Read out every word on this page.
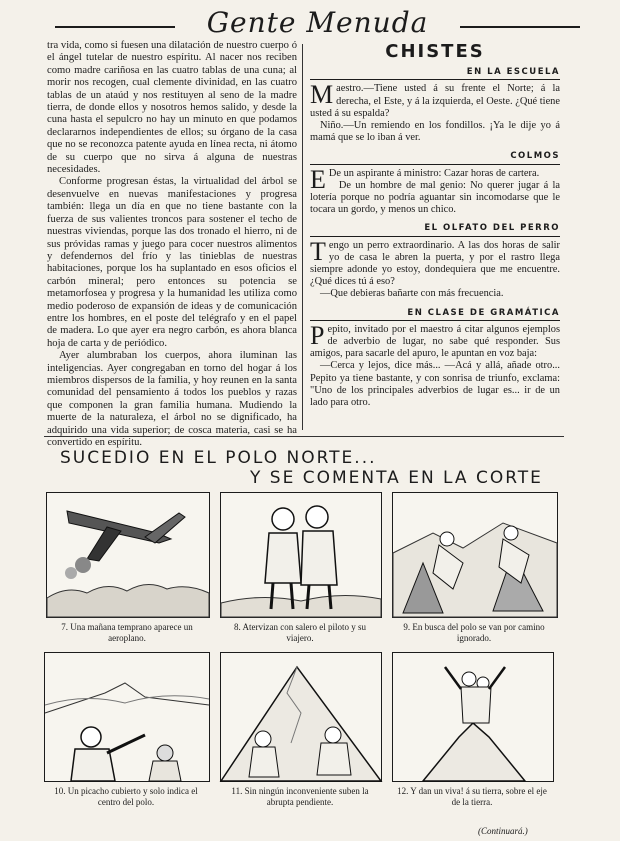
Gente Menuda

tra vida, como si fuesen una dilatación de nuestro cuerpo ó el ángel tutelar de nuestro espíritu. Al nacer nos reciben como madre cariñosa en las cuatro tablas de una cuna; al morir nos recogen, cual clemente divinidad, en las cuatro tablas de un ataúd y nos restituyen al seno de la madre tierra, de donde ellos y nosotros hemos salido, y desde la cuna hasta el sepulcro no hay un minuto en que podamos declararnos independientes de ellos; su órgano de la casa que no se reconozca patente ayuda en línea recta, ni átomo de su cuerpo que no sirva á alguna de nuestras necesidades.

Conforme progresan éstas, la virtualidad del árbol se desenvuelve en nuevas manifestaciones y progresa también: llega un día en que no tiene bastante con la fuerza de sus valientes troncos para sostener el techo de nuestras viviendas, porque las dos tronado el hierro, ni de sus próvidas ramas y juego para cocer nuestros alimentos y defendernos del frío y las tinieblas de nuestras habitaciones, porque los ha suplantado en esos oficios el carbón mineral; pero entonces su potencia se metamorfosea y progresa y la humanidad les utiliza como medio poderoso de expansión de ideas y de comunicación entre los hombres, en el poste del telégrafo y en el papel de madera. Lo que ayer era negro carbón, es ahora blanca hoja de carta y de periódico.

Ayer alumbraban los cuerpos, ahora iluminan las inteligencias. Ayer congregaban en torno del hogar á los miembros dispersos de la familia, y hoy reunen en la santa comunidad del pensamiento á todos los pueblos y razas que componen la gran familia humana. Mudiendo la muerte de la naturaleza, el árbol no se dignificado, ha adquirido una vida superior; de cosca materia, casi se ha convertido en espíritu.

CHISTES
EN LA ESCUELA

Maestro.—Tiene usted á su frente el Norte; á la derecha, el Este, y á la izquierda, el Oeste. ¿Qué tiene usted á su espalda?

Niño.—Un remiendo en los fondillos. ¡Ya le dije yo á mamá que se lo iban á ver.

COLMOS

E De un aspirante á ministro: Cazar horas de cartera.

De un hombre de mal genio: No querer jugar á la lotería porque no podría aguantar sin incomodarse que le tocara un gordo, y menos un chico.

EL OLFATO DEL PERRO

Tengo un perro extraordinario. A las dos horas de salir yo de casa le abren la puerta, y por el rastro llega siempre adonde yo estoy, dondequiera que me encuentre. ¿Qué dices tú á eso?

—Que debieras bañarte con más frecuencia.

EN CLASE DE GRAMÁTICA

Pepito, invitado por el maestro á citar algunos ejemplos de adverbio de lugar, no sabe qué responder. Sus amigos, para sacarle del apuro, le apuntan en voz baja:

—Cerca y lejos, dice más... —Acá y allá, añade otro... Pepito ya tiene bastante, y con sonrisa de triunfo, exclama: "Uno de los principales adverbios de lugar es... ir de un lado para otro.

SUCEDIO EN EL POLO NORTE...
Y SE COMENTA EN LA CORTE
7. Una mañana temprano aparece un aeroplano.
8. Atervizan con salero el piloto y su viajero.
9. En busca del polo se van por camino ignorado.
10. Un picacho cubierto y solo indica el centro del polo.
11. Sin ningún inconveniente suben la abrupta pendiente.
12. Y dan un viva! á su tierra, sobre el eje de la tierra.
(Continuará.)
